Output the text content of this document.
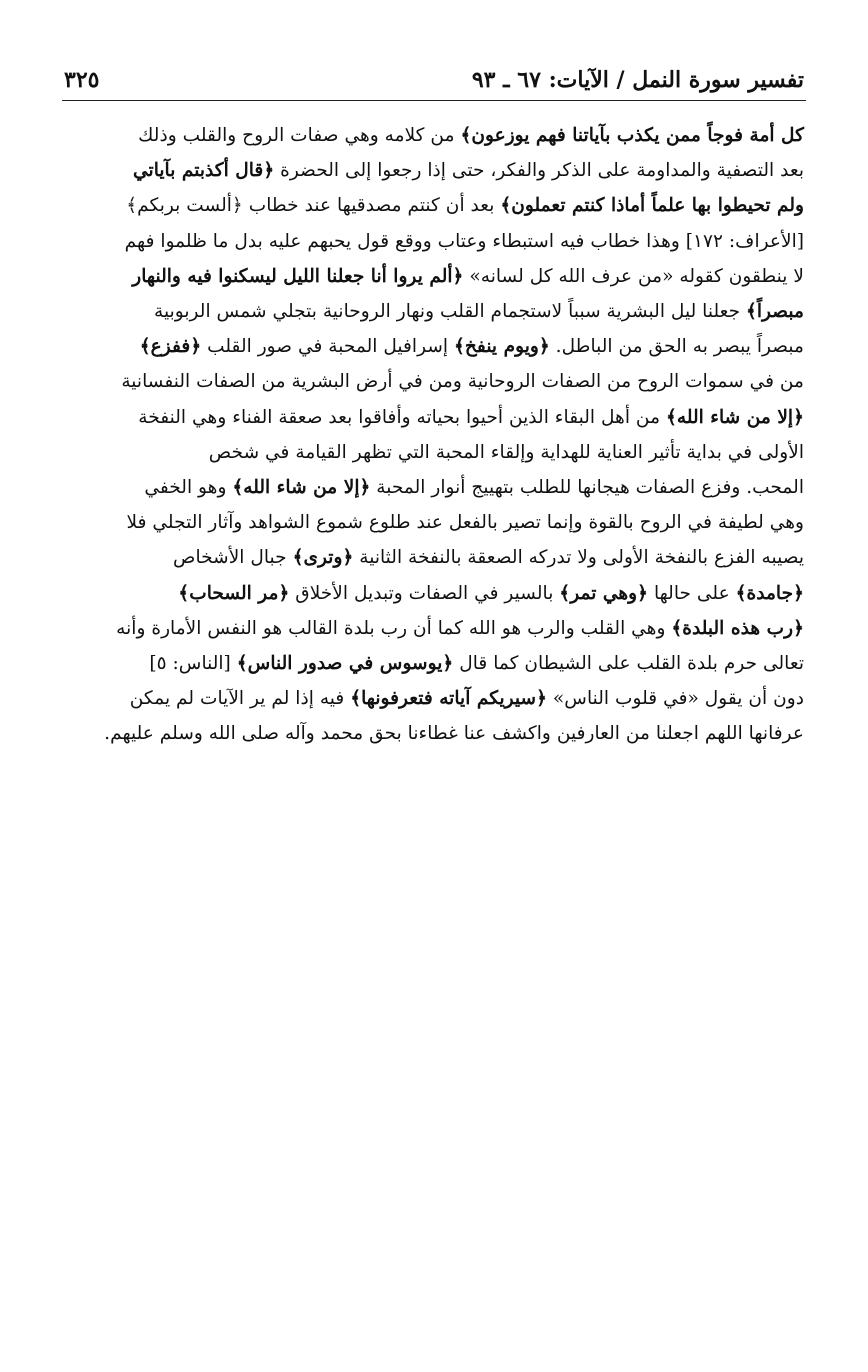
تفسير سورة النمل / الآيات: ٦٧ ـ ٩٣
٣٢٥
كل أمة فوجاً ممن يكذب بآياتنا فهم يوزعون﴾ من كلامه وهي صفات الروح والقلب وذلك
بعد التصفية والمداومة على الذكر والفكر، حتى إذا رجعوا إلى الحضرة ﴿قال أكذبتم بآياتي
ولم تحيطوا بها علماً أماذا كنتم تعملون﴾ بعد أن كنتم مصدقيها عند خطاب ﴿ألست بربكم﴾
[الأعراف: ١٧٢] وهذا خطاب فيه استبطاء وعتاب ووقع قول يحبهم عليه بدل ما ظلموا فهم
لا ينطقون كقوله «من عرف الله كل لسانه» ﴿ألم يروا أنا جعلنا الليل ليسكنوا فيه والنهار
مبصراً﴾ جعلنا ليل البشرية سبباً لاستجمام القلب ونهار الروحانية بتجلي شمس الربوبية
مبصراً يبصر به الحق من الباطل. ﴿ويوم ينفخ﴾ إسرافيل المحبة في صور القلب ﴿ففزع﴾
من في سموات الروح من الصفات الروحانية ومن في أرض البشرية من الصفات النفسانية
﴿إلا من شاء الله﴾ من أهل البقاء الذين أحيوا بحياته وأفاقوا بعد صعقة الفناء وهي النفخة
الأولى في بداية تأثير العناية للهداية وإلقاء المحبة التي تظهر القيامة في شخص
المحب. وفزع الصفات هيجانها للطلب بتهييج أنوار المحبة ﴿إلا من شاء الله﴾ وهو الخفي
وهي لطيفة في الروح بالقوة وإنما تصير بالفعل عند طلوع شموع الشواهد وآثار التجلي فلا
يصيبه الفزع بالنفخة الأولى ولا تدركه الصعقة بالنفخة الثانية ﴿وترى﴾ جبال الأشخاص
﴿جامدة﴾ على حالها ﴿وهي تمر﴾ بالسير في الصفات وتبديل الأخلاق ﴿مر السحاب﴾
﴿رب هذه البلدة﴾ وهي القلب والرب هو الله كما أن رب بلدة القالب هو النفس الأمارة وأنه
تعالى حرم بلدة القلب على الشيطان كما قال ﴿يوسوس في صدور الناس﴾ [الناس: ٥]
دون أن يقول «في قلوب الناس» ﴿سيريكم آياته فتعرفونها﴾ فيه إذا لم ير الآيات لم يمكن
عرفانها اللهم اجعلنا من العارفين واكشف عنا غطاءنا بحق محمد وآله صلى الله وسلم عليهم.
